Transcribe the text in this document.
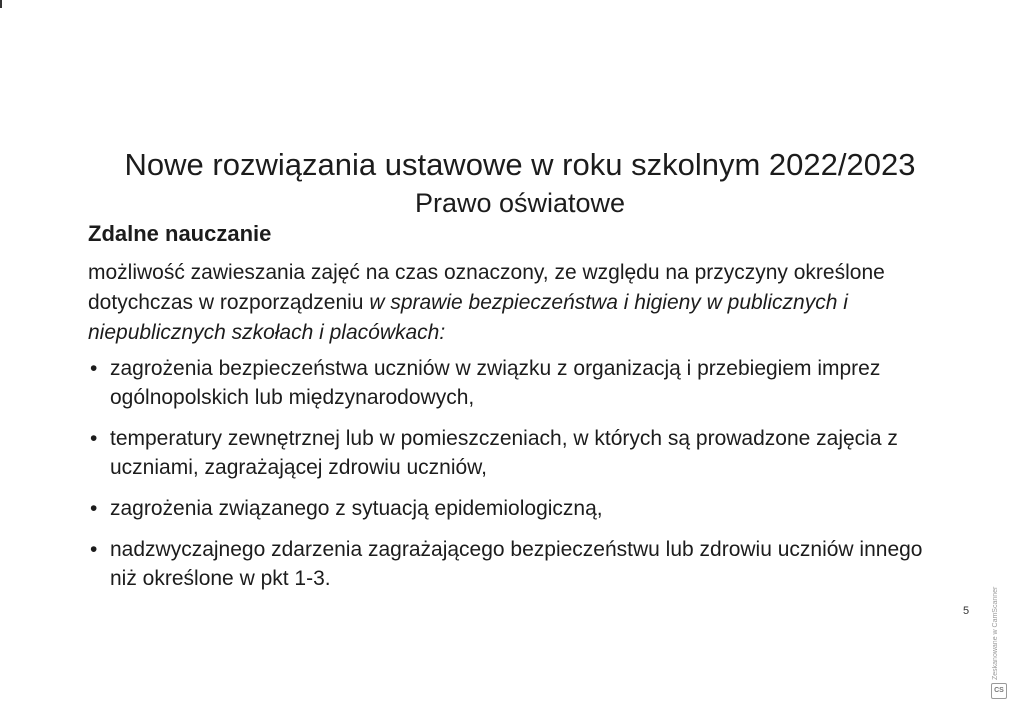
Nowe rozwiązania ustawowe w roku szkolnym 2022/2023
Prawo oświatowe
Zdalne nauczanie
możliwość zawieszania zajęć na czas oznaczony, ze względu na przyczyny określone dotychczas w rozporządzeniu w sprawie bezpieczeństwa i higieny w publicznych i niepublicznych szkołach i placówkach:
• zagrożenia bezpieczeństwa uczniów w związku z organizacją i przebiegiem imprez ogólnopolskich lub międzynarodowych,
• temperatury zewnętrznej lub w pomieszczeniach, w których są prowadzone zajęcia z uczniami, zagrażającej zdrowiu uczniów,
• zagrożenia związanego z sytuacją epidemiologiczną,
• nadzwyczajnego zdarzenia zagrażającego bezpieczeństwu lub zdrowiu uczniów innego niż określone w pkt 1-3.
5	Zeskanowane w CamScanner
CS
